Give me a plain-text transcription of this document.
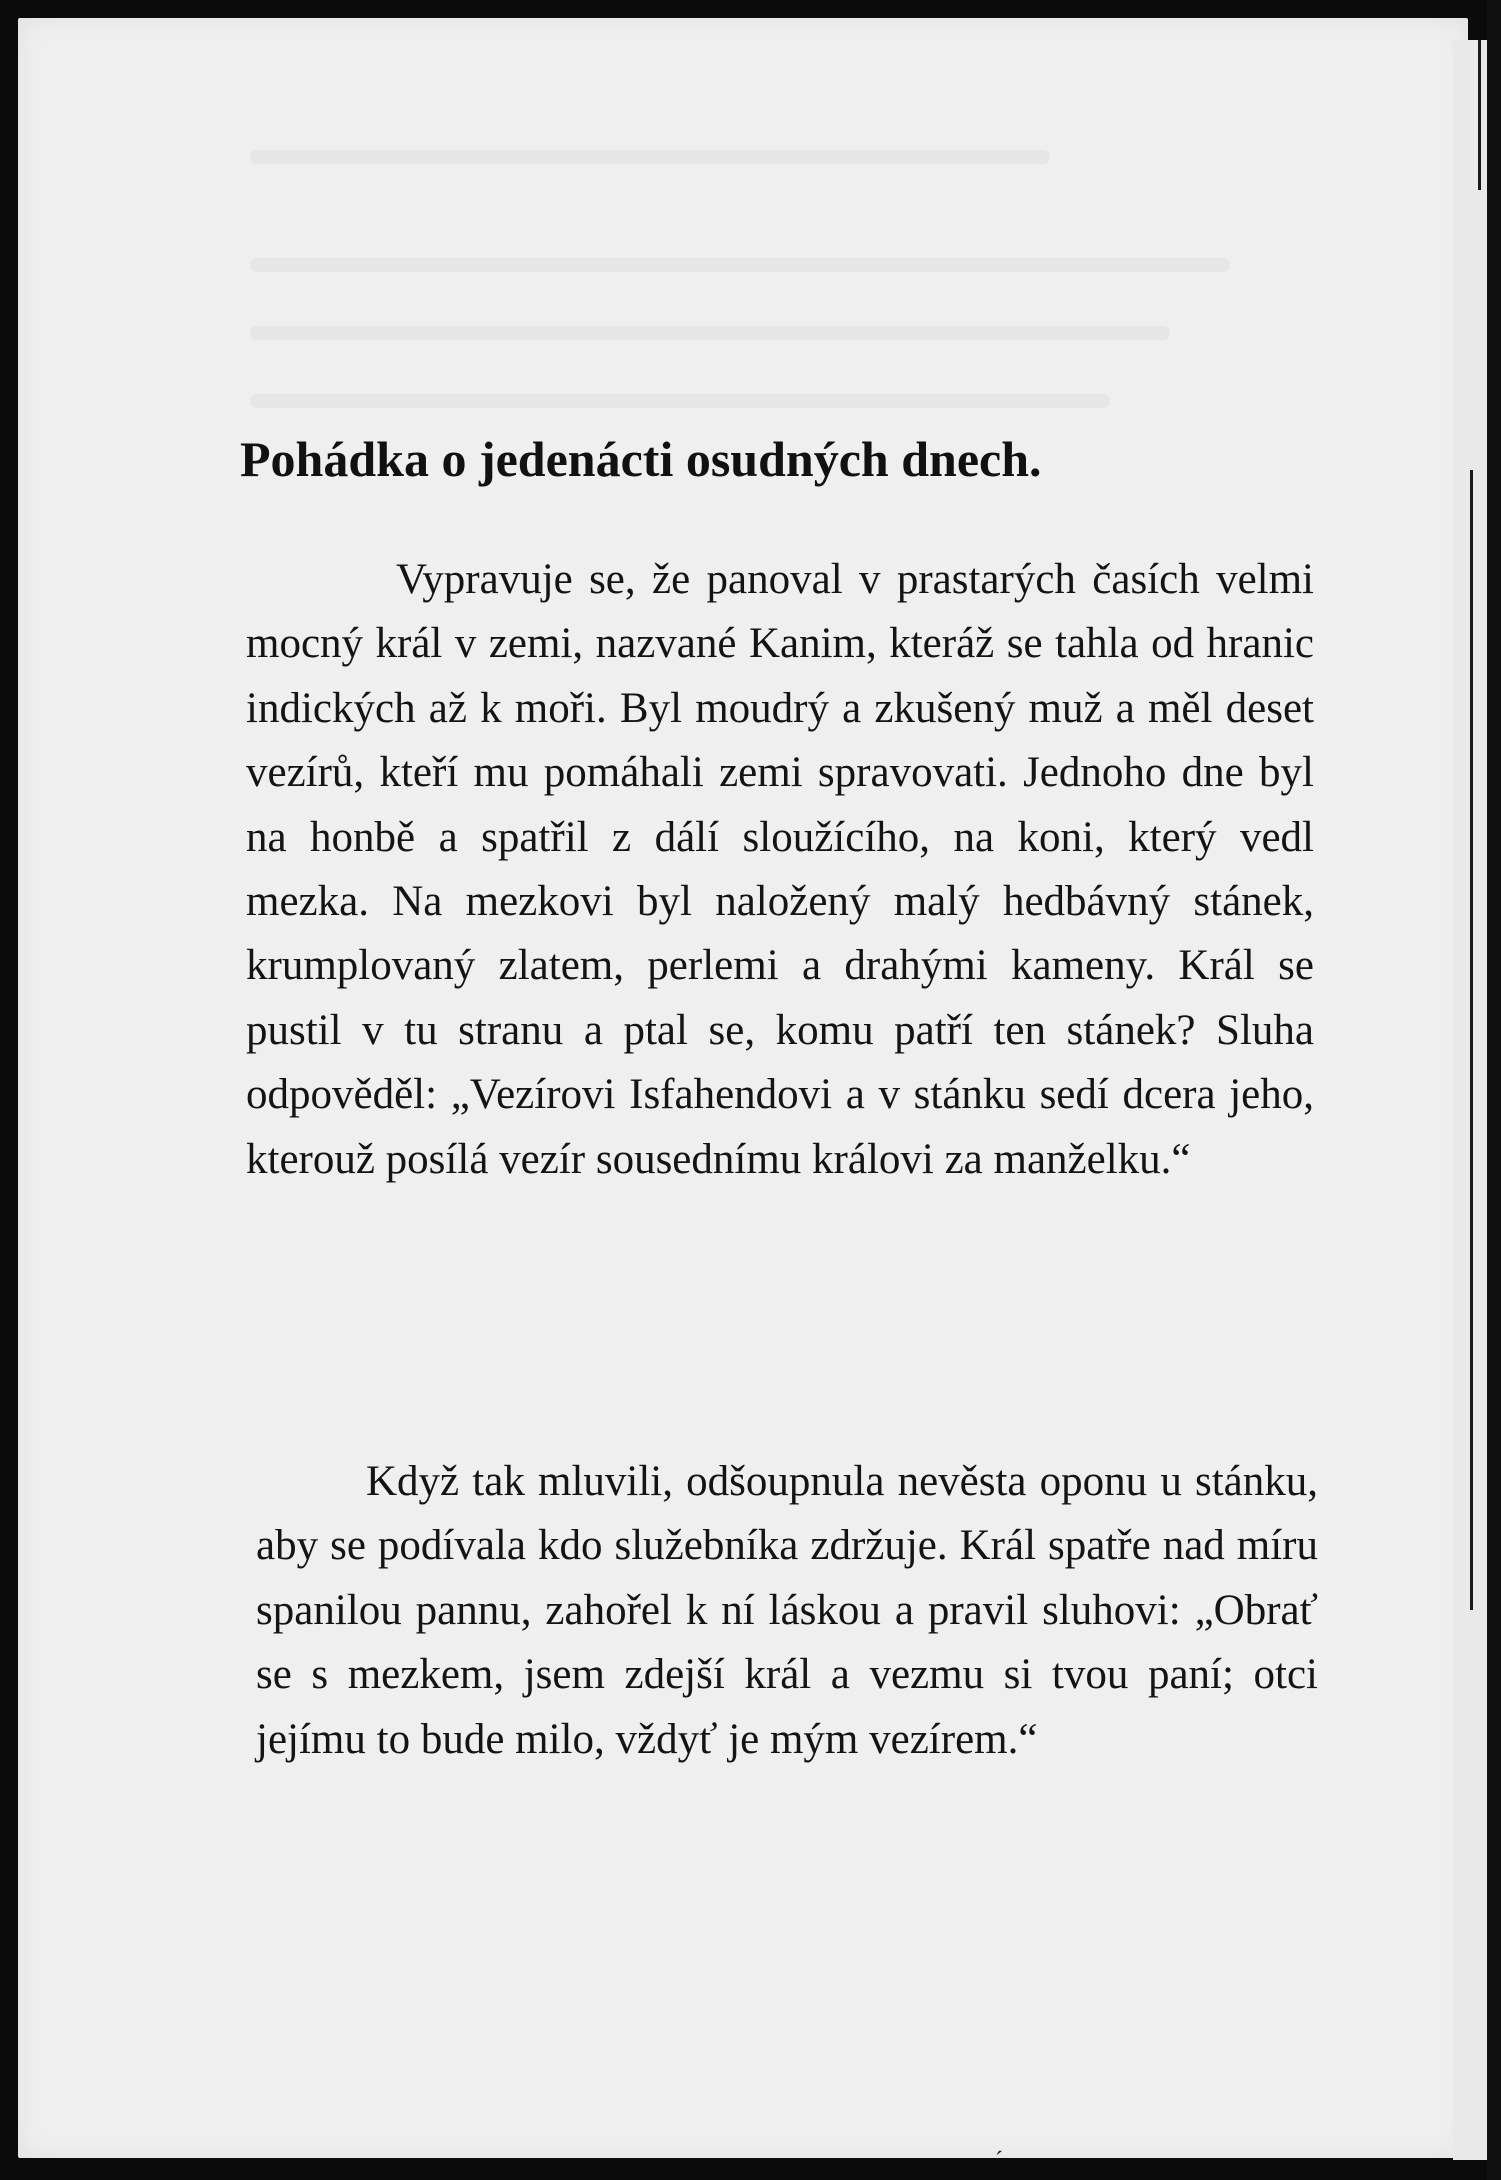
Pohádka o jedenácti osudných dnech.

Vypravuje se, že panoval v prastarých časích velmi mocný král v zemi, nazvané Kanim, kteráž se tahla od hranic indických až k moři. Byl moudrý a zkušený muž a měl deset vezírů, kteří mu pomáhali zemi spravovati. Jednoho dne byl na honbě a spatřil z dálí sloužícího, na koni, který vedl mezka. Na mezkovi byl naložený malý hedbávný stánek, krumplovaný zlatem, perlemi a drahými kameny. Král se pustil v tu stranu a ptal se, komu patří ten stánek? Sluha odpověděl: „Vezírovi Isfahendovi a v stánku sedí dcera jeho, kterouž posílá vezír sousednímu královi za manželku.“

Když tak mluvili, odšoupnula nevěsta oponu u stánku, aby se podívala kdo služebníka zdržuje. Král spatře nad míru spanilou pannu, zahořel k ní láskou a pravil sluhovi: „Obrať se s mezkem, jsem zdejší král a vezmu si tvou paní; otci jejímu to bude milo, vždyť je mým vezírem.“

ˊ
